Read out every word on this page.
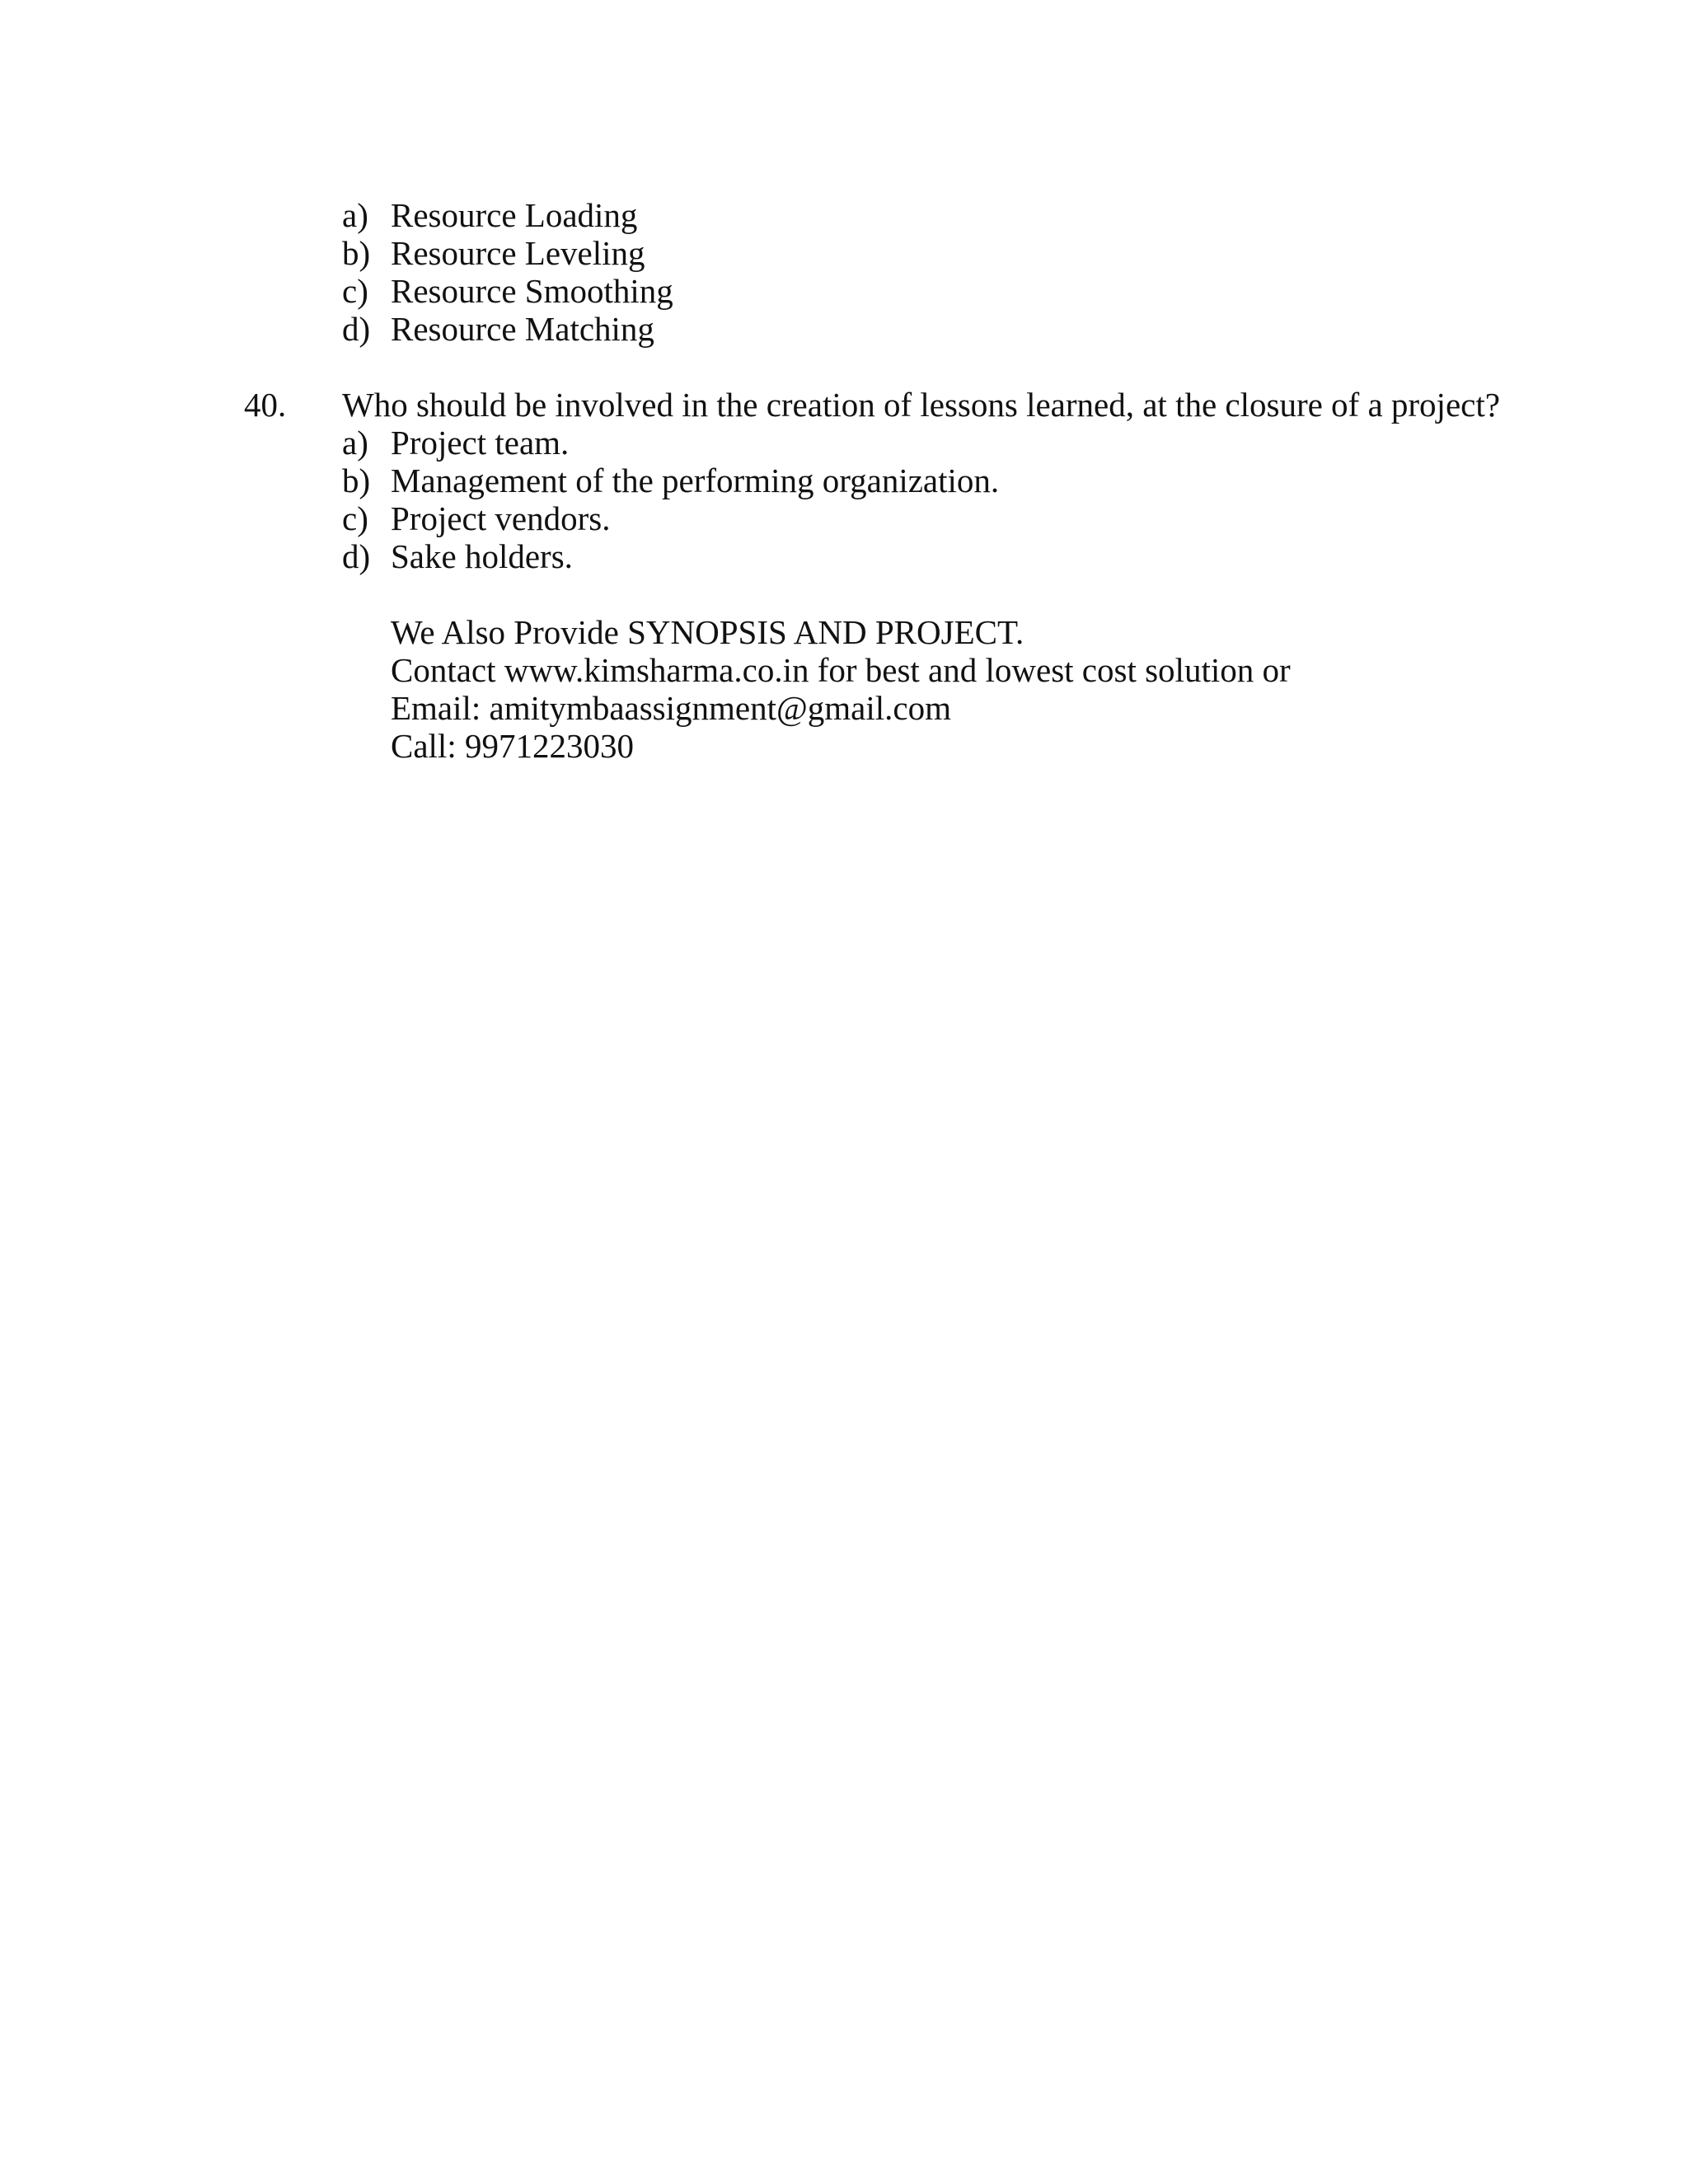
a) Resource Loading
b) Resource Leveling
c) Resource Smoothing
d) Resource Matching
40. Who should be involved in the creation of lessons learned, at the closure of a project?
a) Project team.
b) Management of the performing organization.
c) Project vendors.
d) Sake holders.
We Also Provide SYNOPSIS AND PROJECT.
Contact www.kimsharma.co.in for best and lowest cost solution or
Email: amitymbaassignment@gmail.com
Call: 9971223030
